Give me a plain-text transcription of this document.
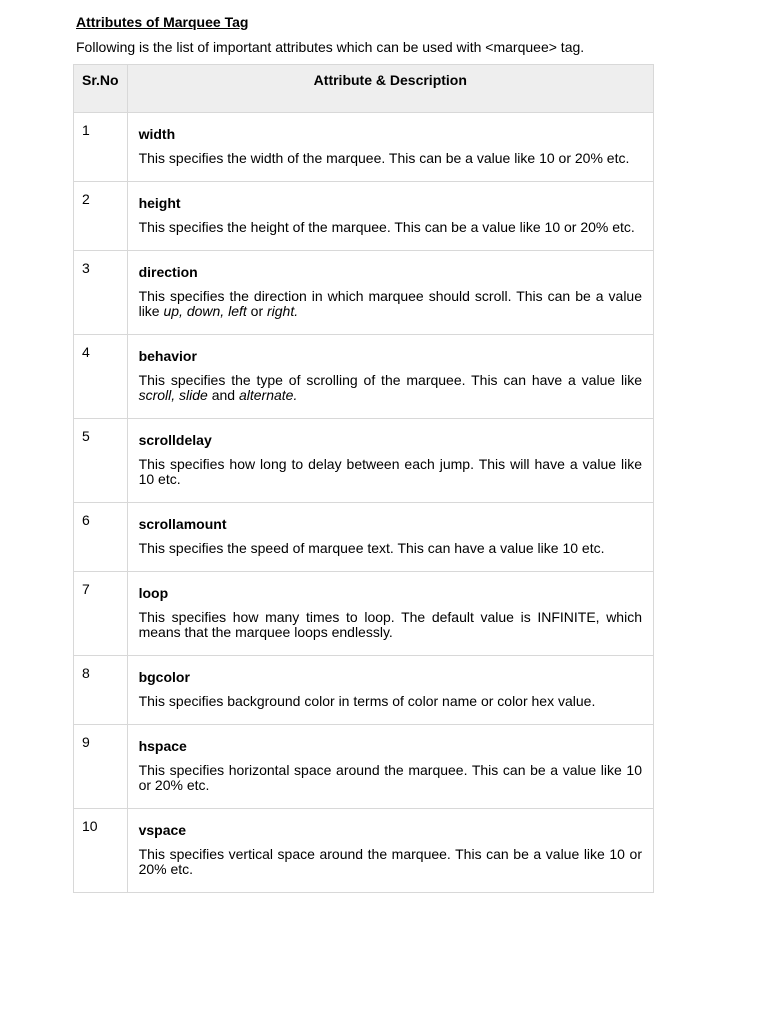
Attributes of Marquee Tag

Following is the list of important attributes which can be used with <marquee> tag.

Sr.No	Attribute & Description
1	width

This specifies the width of the marquee. This can be a value like 10 or 20% etc.

2	height

This specifies the height of the marquee. This can be a value like 10 or 20% etc.

3	direction

This specifies the direction in which marquee should scroll. This can be a value like up, down, left or right.

4	behavior

This specifies the type of scrolling of the marquee. This can have a value like scroll, slide and alternate.

5	scrolldelay

This specifies how long to delay between each jump. This will have a value like 10 etc.

6	scrollamount

This specifies the speed of marquee text. This can have a value like 10 etc.

7	loop

This specifies how many times to loop. The default value is INFINITE, which means that the marquee loops endlessly.

8	bgcolor

This specifies background color in terms of color name or color hex value.

9	hspace

This specifies horizontal space around the marquee. This can be a value like 10 or 20% etc.

10	vspace

This specifies vertical space around the marquee. This can be a value like 10 or 20% etc.
